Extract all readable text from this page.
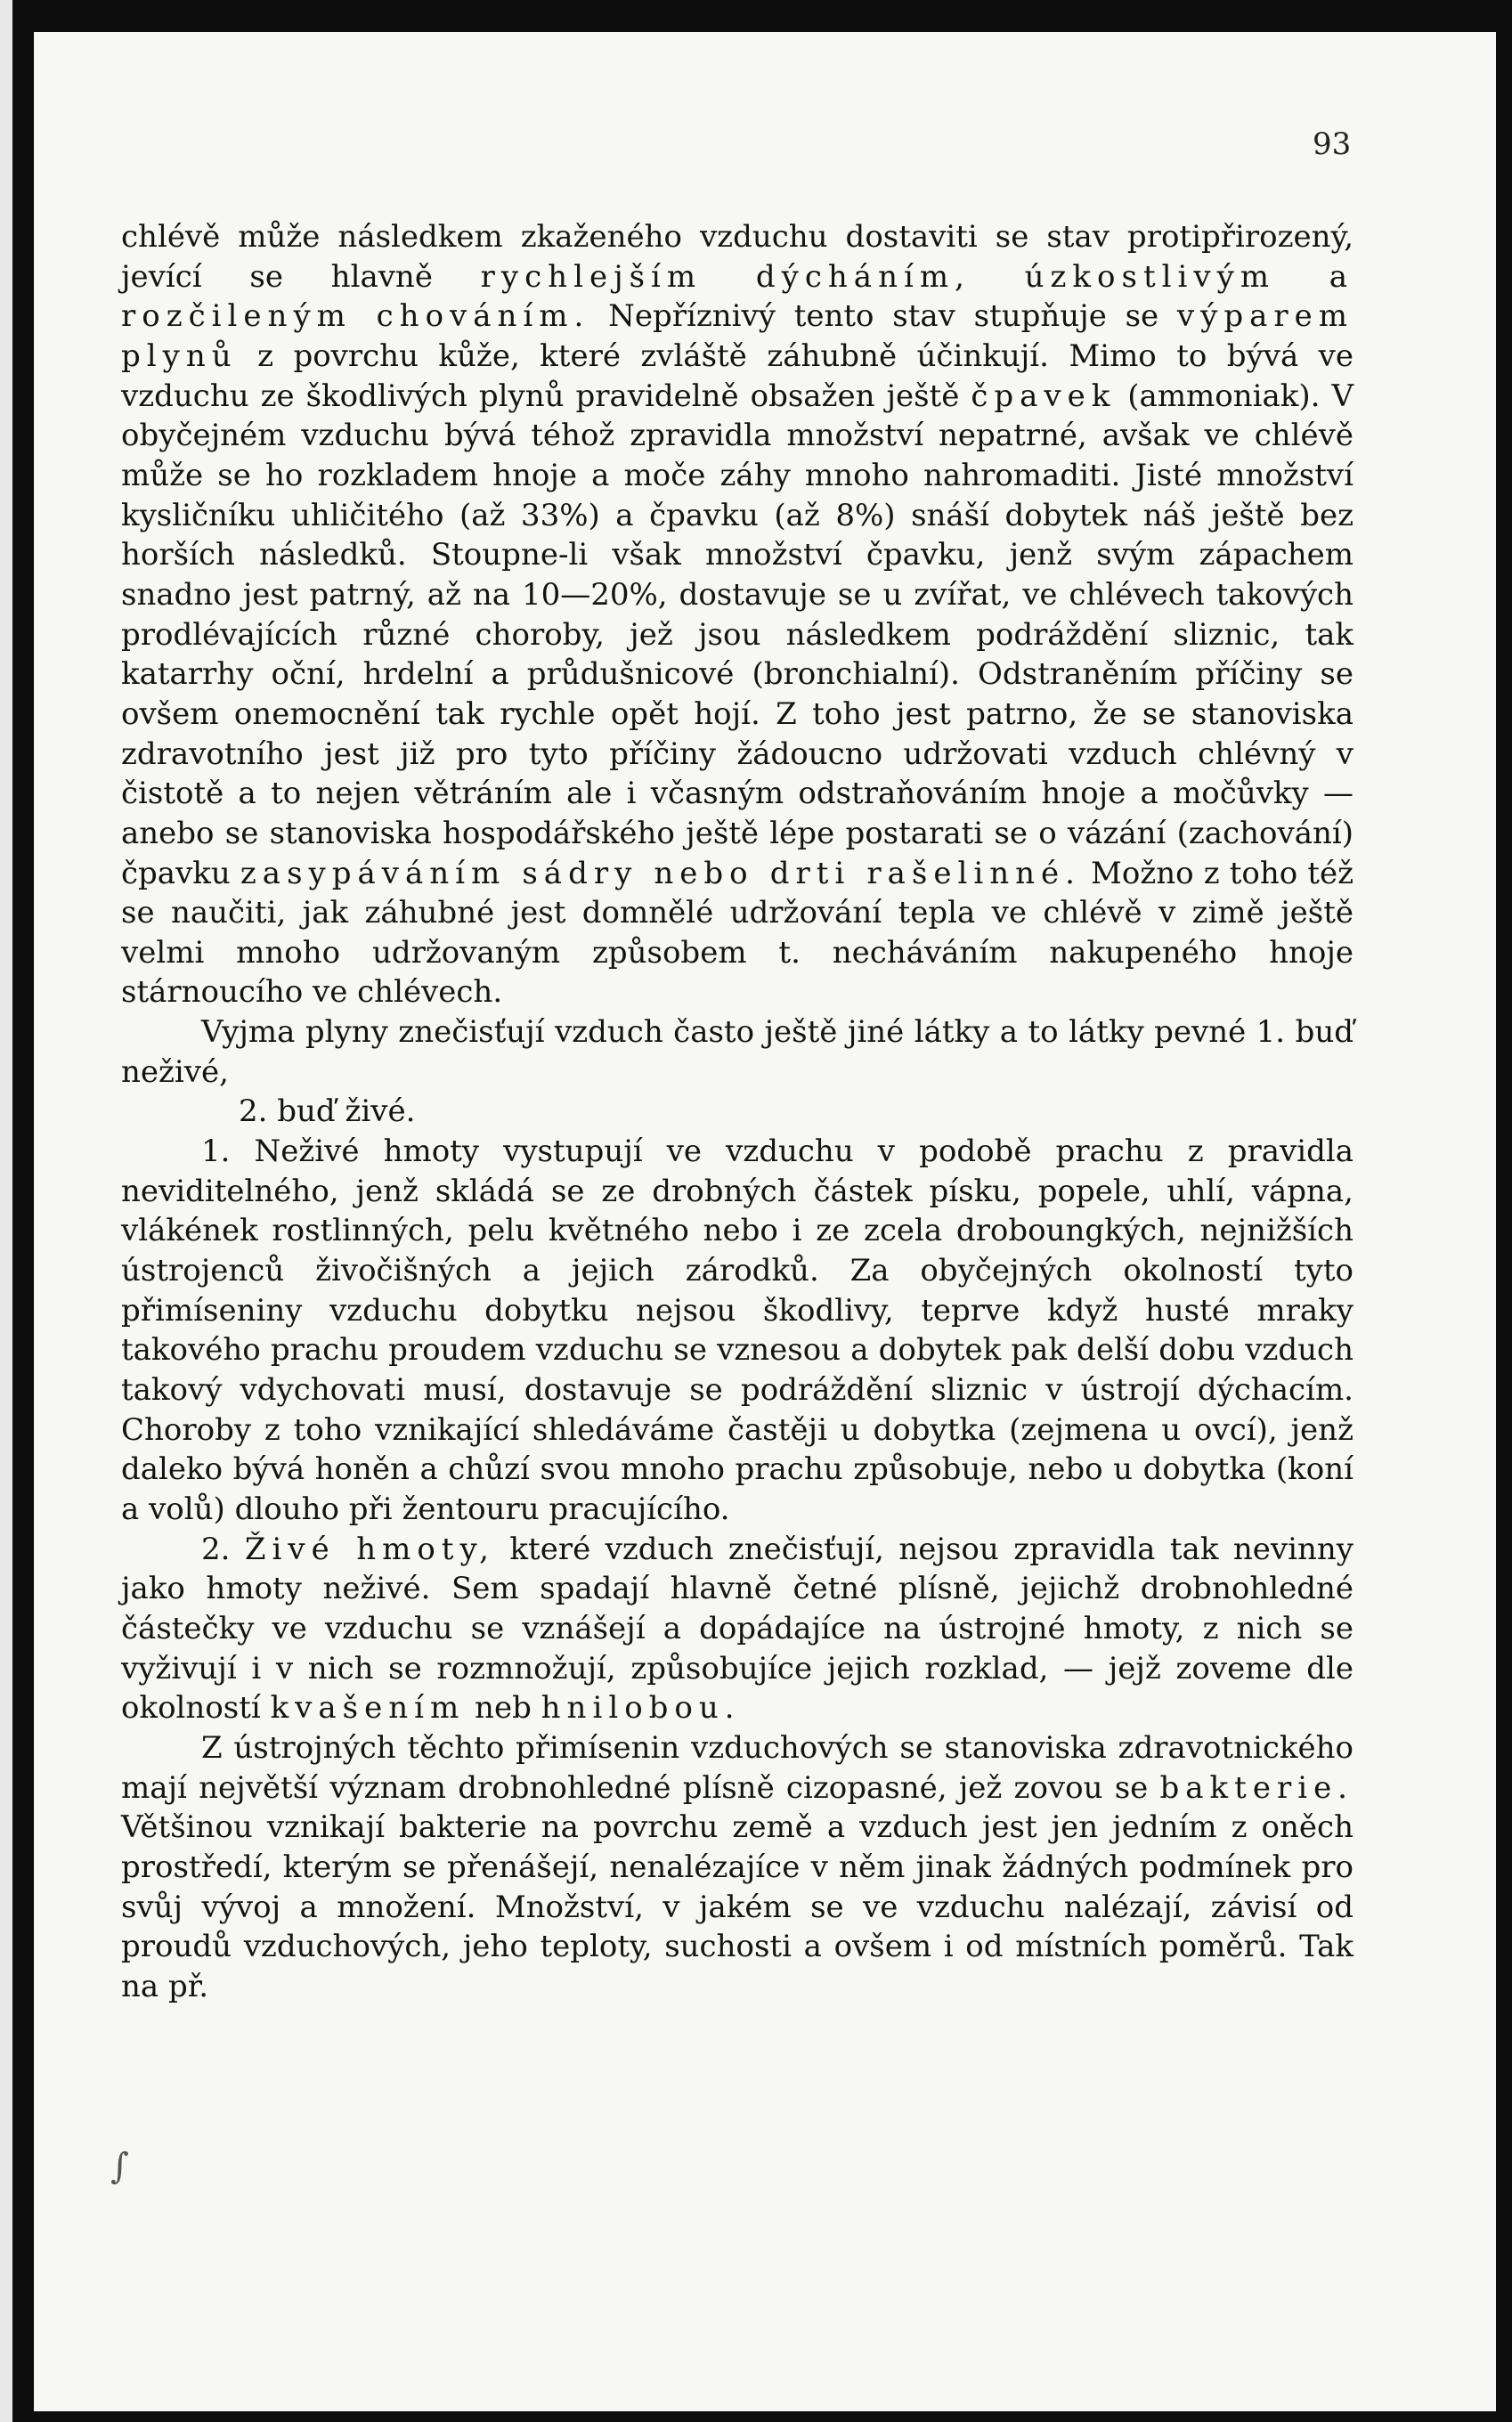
93

chlévě může následkem zkaženého vzduchu dostaviti se stav protipřirozený, jevící se hlavně rychlejším dýcháním, úzkostlivým a rozčileným chováním. Nepříznivý tento stav stupňuje se výparem plynů z povrchu kůže, které zvláště záhubně účinkují. Mimo to bývá ve vzduchu ze škodlivých plynů pravidelně obsažen ještě čpavek (ammoniak). V obyčejném vzduchu bývá téhož zpravidla množství nepatrné, avšak ve chlévě může se ho rozkladem hnoje a moče záhy mnoho nahromaditi. Jisté množství kysličníku uhličitého (až 33%) a čpavku (až 8%) snáší dobytek náš ještě bez horších následků. Stoupne-li však množství čpavku, jenž svým zápachem snadno jest patrný, až na 10—20%, dostavuje se u zvířat, ve chlévech takových prodlévajících různé choroby, jež jsou následkem podráždění sliznic, tak katarrhy oční, hrdelní a průdušnicové (bronchialní). Odstraněním příčiny se ovšem onemocnění tak rychle opět hojí. Z toho jest patrno, že se stanoviska zdravotního jest již pro tyto příčiny žádoucno udržovati vzduch chlévný v čistotě a to nejen větráním ale i včasným odstraňováním hnoje a močůvky — anebo se stanoviska hospodářského ještě lépe postarati se o vázání (zachování) čpavku zasypáváním sádry nebo drti rašelinné. Možno z toho též se naučiti, jak záhubné jest domnělé udržování tepla ve chlévě v zimě ještě velmi mnoho udržovaným způsobem t. necháváním nakupeného hnoje stárnoucího ve chlévech.

Vyjma plyny znečisťují vzduch často ještě jiné látky a to látky pevné 1. buď neživé,

2. buď živé.

1. Neživé hmoty vystupují ve vzduchu v podobě prachu z pravidla neviditelného, jenž skládá se ze drobných částek písku, popele, uhlí, vápna, vlákének rostlinných, pelu květného nebo i ze zcela droboungkých, nejnižších ústrojenců živočišných a jejich zárodků. Za obyčejných okolností tyto přimíseniny vzduchu dobytku nejsou škodlivy, teprve když husté mraky takového prachu proudem vzduchu se vznesou a dobytek pak delší dobu vzduch takový vdychovati musí, dostavuje se podráždění sliznic v ústrojí dýchacím. Choroby z toho vznikající shledáváme častěji u dobytka (zejmena u ovcí), jenž daleko bývá honěn a chůzí svou mnoho prachu způsobuje, nebo u dobytka (koní a volů) dlouho při žentouru pracujícího.

2. Živé hmoty, které vzduch znečisťují, nejsou zpravidla tak nevinny jako hmoty neživé. Sem spadají hlavně četné plísně, jejichž drobnohledné částečky ve vzduchu se vznášejí a dopádajíce na ústrojné hmoty, z nich se vyživují i v nich se rozmnožují, způsobujíce jejich rozklad, — jejž zoveme dle okolností kvašením neb hnilobou.

Z ústrojných těchto přimísenin vzduchových se stanoviska zdravotnického mají největší význam drobnohledné plísně cizopasné, jež zovou se bakterie. Většinou vznikají bakterie na povrchu země a vzduch jest jen jedním z oněch prostředí, kterým se přenášejí, nenalézajíce v něm jinak žádných podmínek pro svůj vývoj a množení. Množství, v jakém se ve vzduchu nalézají, závisí od proudů vzduchových, jeho teploty, suchosti a ovšem i od místních poměrů. Tak na př.

∫
